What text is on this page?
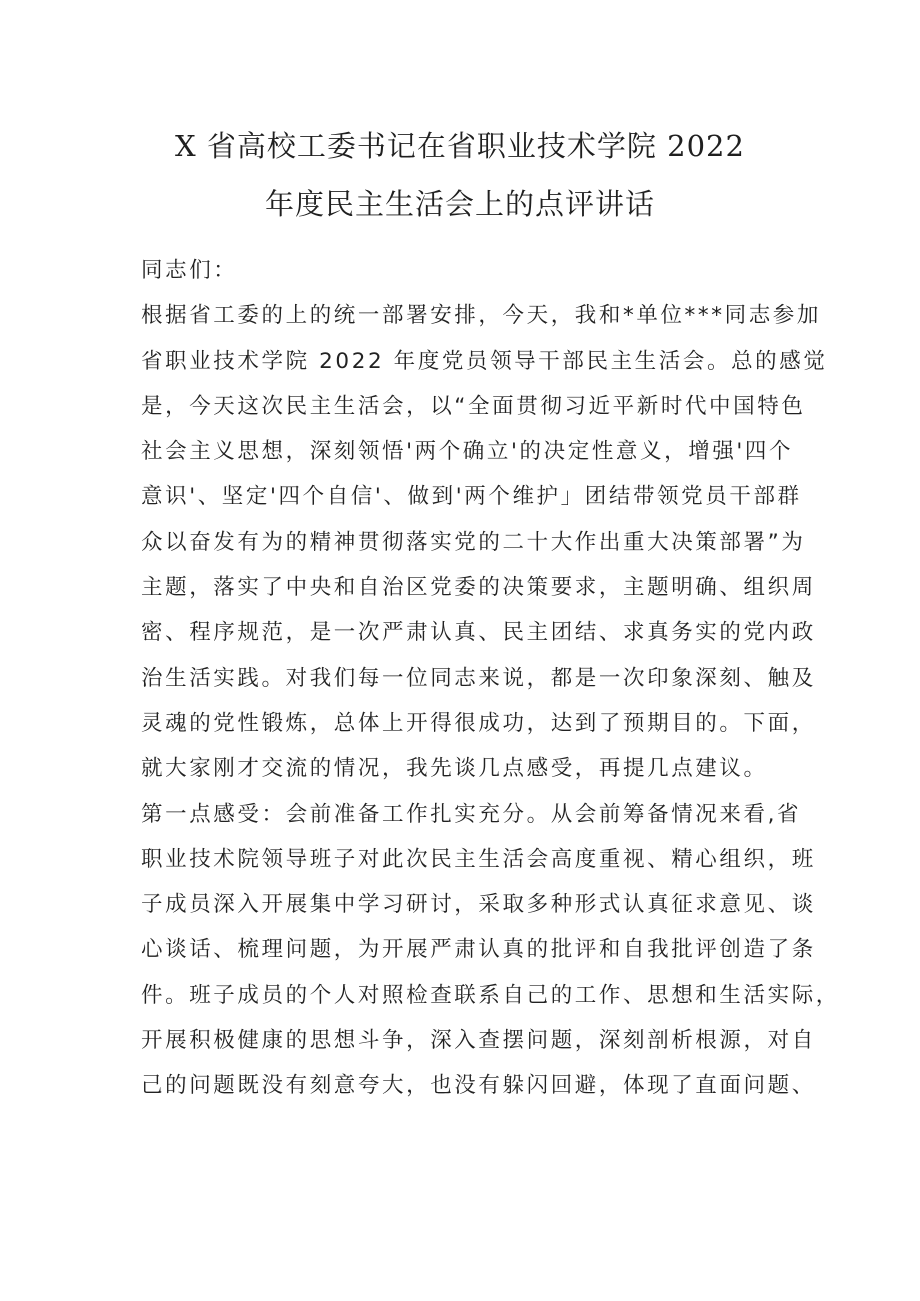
X 省高校工委书记在省职业技术学院 2022
年度民主生活会上的点评讲话
同志们：
根据省工委的上的统一部署安排，今天，我和*单位***同志参加
省职业技术学院 2022 年度党员领导干部民主生活会。总的感觉
是，今天这次民主生活会，以“全面贯彻习近平新时代中国特色
社会主义思想，深刻领悟'两个确立'的决定性意义，增强'四个
意识'、坚定'四个自信'、做到'两个维护」团结带领党员干部群
众以奋发有为的精神贯彻落实党的二十大作出重大决策部署”为
主题，落实了中央和自治区党委的决策要求，主题明确、组织周
密、程序规范，是一次严肃认真、民主团结、求真务实的党内政
治生活实践。对我们每一位同志来说，都是一次印象深刻、触及
灵魂的党性锻炼，总体上开得很成功，达到了预期目的。下面，
就大家刚才交流的情况，我先谈几点感受，再提几点建议。
第一点感受：会前准备工作扎实充分。从会前筹备情况来看,省
职业技术院领导班子对此次民主生活会高度重视、精心组织，班
子成员深入开展集中学习研讨，采取多种形式认真征求意见、谈
心谈话、梳理问题，为开展严肃认真的批评和自我批评创造了条
件。班子成员的个人对照检查联系自己的工作、思想和生活实际，
开展积极健康的思想斗争，深入查摆问题，深刻剖析根源，对自
己的问题既没有刻意夸大，也没有躲闪回避，体现了直面问题、
